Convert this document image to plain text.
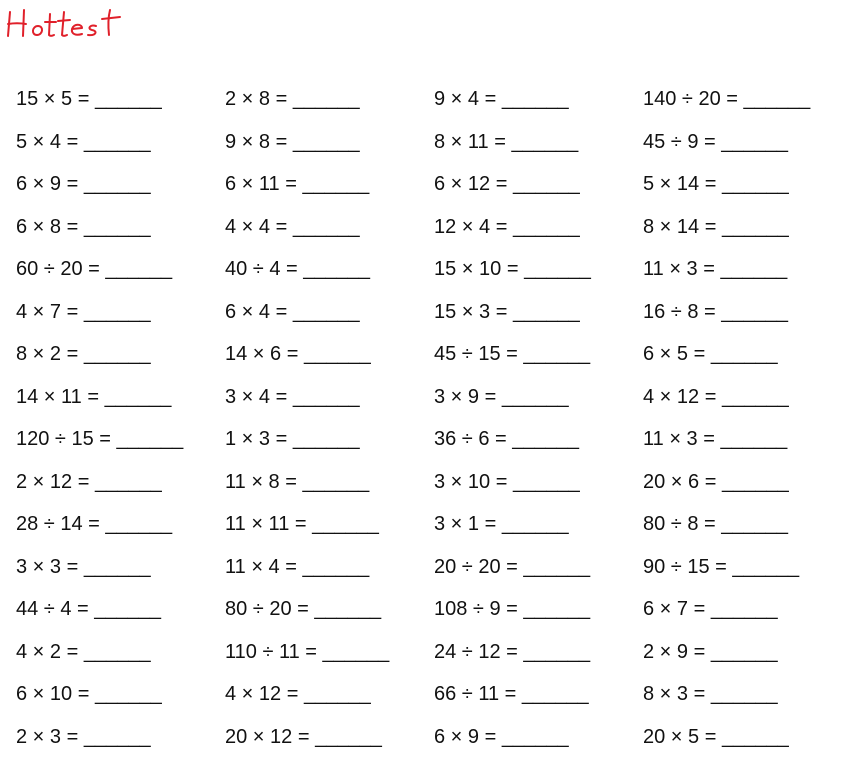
15 × 5 = ______	2 × 8 = ______	9 × 4 = ______	140 ÷ 20 = ______
5 × 4 = ______	9 × 8 = ______	8 × 11 = ______	45 ÷ 9 = ______
6 × 9 = ______	6 × 11 = ______	6 × 12 = ______	5 × 14 = ______
6 × 8 = ______	4 × 4 = ______	12 × 4 = ______	8 × 14 = ______
60 ÷ 20 = ______	40 ÷ 4 = ______	15 × 10 = ______	11 × 3 = ______
4 × 7 = ______	6 × 4 = ______	15 × 3 = ______	16 ÷ 8 = ______
8 × 2 = ______	14 × 6 = ______	45 ÷ 15 = ______	6 × 5 = ______
14 × 11 = ______	3 × 4 = ______	3 × 9 = ______	4 × 12 = ______
120 ÷ 15 = ______	1 × 3 = ______	36 ÷ 6 = ______	11 × 3 = ______
2 × 12 = ______	11 × 8 = ______	3 × 10 = ______	20 × 6 = ______
28 ÷ 14 = ______	11 × 11 = ______	3 × 1 = ______	80 ÷ 8 = ______
3 × 3 = ______	11 × 4 = ______	20 ÷ 20 = ______	90 ÷ 15 = ______
44 ÷ 4 = ______	80 ÷ 20 = ______	108 ÷ 9 = ______	6 × 7 = ______
4 × 2 = ______	110 ÷ 11 = ______	24 ÷ 12 = ______	2 × 9 = ______
6 × 10 = ______	4 × 12 = ______	66 ÷ 11 = ______	8 × 3 = ______
2 × 3 = ______	20 × 12 = ______	6 × 9 = ______	20 × 5 = ______
